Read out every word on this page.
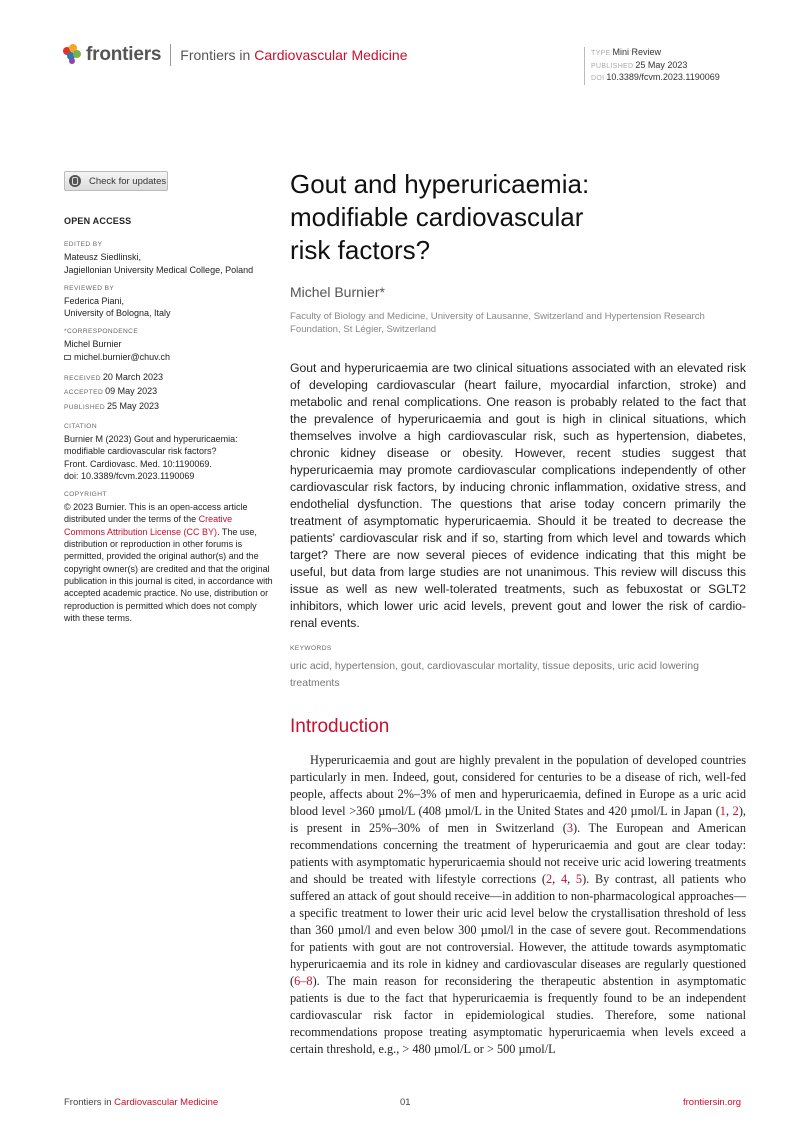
frontiers Frontiers in Cardiovascular Medicine	TYPE Mini Review
PUBLISHED 25 May 2023
DOI 10.3389/fcvm.2023.1190069
Check for updates
OPEN ACCESS
EDITED BY
Mateusz Siedlinski,
Jagiellonian University Medical College, Poland
REVIEWED BY
Federica Piani,
University of Bologna, Italy
*CORRESPONDENCE
Michel Burnier
michel.burnier@chuv.ch
RECEIVED 20 March 2023
ACCEPTED 09 May 2023
PUBLISHED 25 May 2023
CITATION
Burnier M (2023) Gout and hyperuricaemia:
modifiable cardiovascular risk factors?
Front. Cardiovasc. Med. 10:1190069.
doi: 10.3389/fcvm.2023.1190069
COPYRIGHT
© 2023 Burnier. This is an open-access article distributed under the terms of the Creative Commons Attribution License (CC BY). The use, distribution or reproduction in other forums is permitted, provided the original author(s) and the copyright owner(s) are credited and that the original publication in this journal is cited, in accordance with accepted academic practice. No use, distribution or reproduction is permitted which does not comply with these terms.
Gout and hyperuricaemia:
modifiable cardiovascular
risk factors?
Michel Burnier*
Faculty of Biology and Medicine, University of Lausanne, Switzerland and Hypertension Research Foundation, St Légier, Switzerland
Gout and hyperuricaemia are two clinical situations associated with an elevated risk of developing cardiovascular (heart failure, myocardial infarction, stroke) and metabolic and renal complications. One reason is probably related to the fact that the prevalence of hyperuricaemia and gout is high in clinical situations, which themselves involve a high cardiovascular risk, such as hypertension, diabetes, chronic kidney disease or obesity. However, recent studies suggest that hyperuricaemia may promote cardiovascular complications independently of other cardiovascular risk factors, by inducing chronic inflammation, oxidative stress, and endothelial dysfunction. The questions that arise today concern primarily the treatment of asymptomatic hyperuricaemia. Should it be treated to decrease the patients' cardiovascular risk and if so, starting from which level and towards which target? There are now several pieces of evidence indicating that this might be useful, but data from large studies are not unanimous. This review will discuss this issue as well as new well-tolerated treatments, such as febuxostat or SGLT2 inhibitors, which lower uric acid levels, prevent gout and lower the risk of cardio-renal events.
KEYWORDS
uric acid, hypertension, gout, cardiovascular mortality, tissue deposits, uric acid lowering treatments
Introduction
Hyperuricaemia and gout are highly prevalent in the population of developed countries particularly in men. Indeed, gout, considered for centuries to be a disease of rich, well-fed people, affects about 2%–3% of men and hyperuricaemia, defined in Europe as a uric acid blood level >360 µmol/L (408 µmol/L in the United States and 420 µmol/L in Japan (1, 2), is present in 25%–30% of men in Switzerland (3). The European and American recommendations concerning the treatment of hyperuricaemia and gout are clear today: patients with asymptomatic hyperuricaemia should not receive uric acid lowering treatments and should be treated with lifestyle corrections (2, 4, 5). By contrast, all patients who suffered an attack of gout should receive—in addition to non-pharmacological approaches—a specific treatment to lower their uric acid level below the crystallisation threshold of less than 360 µmol/l and even below 300 µmol/l in the case of severe gout. Recommendations for patients with gout are not controversial. However, the attitude towards asymptomatic hyperuricaemia and its role in kidney and cardiovascular diseases are regularly questioned (6–8). The main reason for reconsidering the therapeutic abstention in asymptomatic patients is due to the fact that hyperuricaemia is frequently found to be an independent cardiovascular risk factor in epidemiological studies. Therefore, some national recommendations propose treating asymptomatic hyperuricaemia when levels exceed a certain threshold, e.g., > 480 µmol/L or > 500 µmol/L
Frontiers in Cardiovascular Medicine	01	frontiersin.org
